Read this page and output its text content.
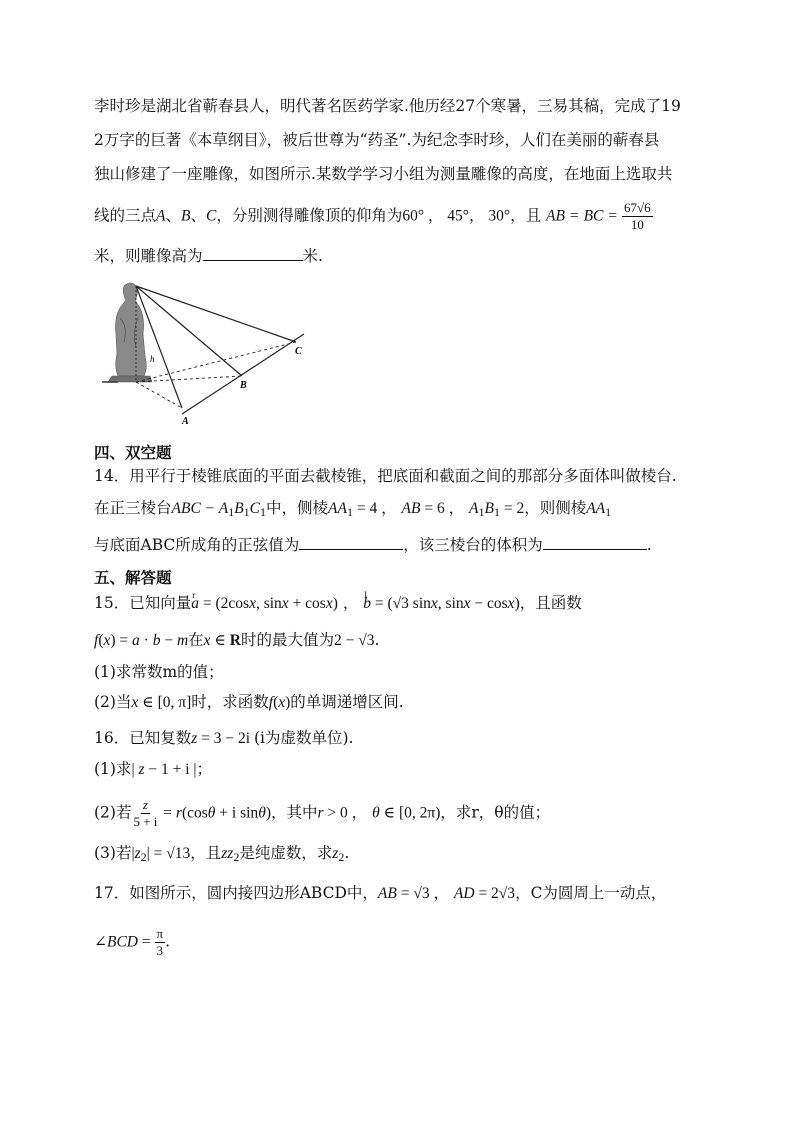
李时珍是湖北省蕲春县人，明代著名医药学家.他历经27个寒暑，三易其稿，完成了19
2万字的巨著《本草纲目》，被后世尊为“药圣”.为纪念李时珍，人们在美丽的蕲春县
独山修建了一座雕像，如图所示.某数学学习小组为测量雕像的高度，在地面上选取共
线的三点A、B、C，分别测得雕像顶的仰角为60° ， 45°， 30°，且 AB = BC = $\frac{67√6}{10}$
米，则雕像高为	米.
h
A
B
C
四、双空题
14．用平行于棱锥底面的平面去截棱锥，把底面和截面之间的那部分多面体叫做棱台.
在正三棱台ABC − A1B1C1中，侧棱AA1 = 4 ， AB = 6 ， A1B1 = 2，则侧棱AA1
与底面ABC所成角的正弦值为	，该三棱台的体积为	.
五、解答题
15．已知向量r a = (2cosx, sinx + cosx) ， l b = (√3 sinx, sinx − cosx)，且函数
f(x) = a · b − m在x ∈ R时的最大值为2 − √3.
(1)求常数m的值；
(2)当x ∈ [0, π]时，求函数f(x)的单调递增区间.
16．已知复数z = 3 − 2i (i为虚数单位).
(1)求| z − 1 + i |；
(2)若 $\frac{z}{5 + i} = r(\cos\theta + i$ sinθ)，其中r > 0 ， θ ∈ [0, 2π)，求r，θ的值；
(3)若|z2| = √13，且zz2是纯虚数，求z2.
17．如图所示，圆内接四边形ABCD中，AB = √3 ， AD = 2√3，C为圆周上一动点，
∠BCD = $\frac{\pi}{3}$ .
